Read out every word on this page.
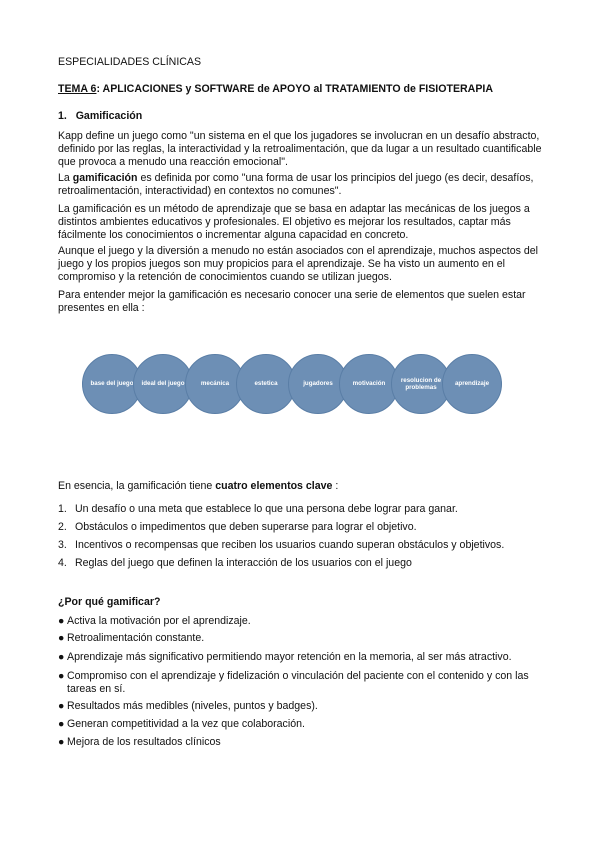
ESPECIALIDADES CLÍNICAS
TEMA 6: APLICACIONES y SOFTWARE de APOYO al TRATAMIENTO de FISIOTERAPIA
1. Gamificación

Kapp define un juego como "un sistema en el que los jugadores se involucran en un desafío abstracto, definido por las reglas, la interactividad y la retroalimentación, que da lugar a un resultado cuantificable que provoca a menudo una reacción emocional".

La gamificación es definida por como "una forma de usar los principios del juego (es decir, desafíos, retroalimentación, interactividad) en contextos no comunes".

La gamificación es un método de aprendizaje que se basa en adaptar las mecánicas de los juegos a distintos ambientes educativos y profesionales. El objetivo es mejorar los resultados, captar más fácilmente los conocimientos o incrementar alguna capacidad en concreto.

Aunque el juego y la diversión a menudo no están asociados con el aprendizaje, muchos aspectos del juego y los propios juegos son muy propicios para el aprendizaje. Se ha visto un aumento en el compromiso y la retención de conocimientos cuando se utilizan juegos.

Para entender mejor la gamificación es necesario conocer una serie de elementos que suelen estar presentes en ella :

base del juego	ideal del juego	mecánica	estetica	jugadores	motivación
resolucion de problemas
aprendizaje

En esencia, la gamificación tiene cuatro elementos clave :

1. Un desafío o una meta que establece lo que una persona debe lograr para ganar.
2. Obstáculos o impedimentos que deben superarse para lograr el objetivo.
3. Incentivos o recompensas que reciben los usuarios cuando superan obstáculos y objetivos.
4. Reglas del juego que definen la interacción de los usuarios con el juego
¿Por qué gamificar?
● Activa la motivación por el aprendizaje.
● Retroalimentación constante.
● Aprendizaje más significativo permitiendo mayor retención en la memoria, al ser más atractivo.
● Compromiso con el aprendizaje y fidelización o vinculación del paciente con el contenido y con las tareas en sí.
● Resultados más medibles (niveles, puntos y badges).
● Generan competitividad a la vez que colaboración.
● Mejora de los resultados clínicos
